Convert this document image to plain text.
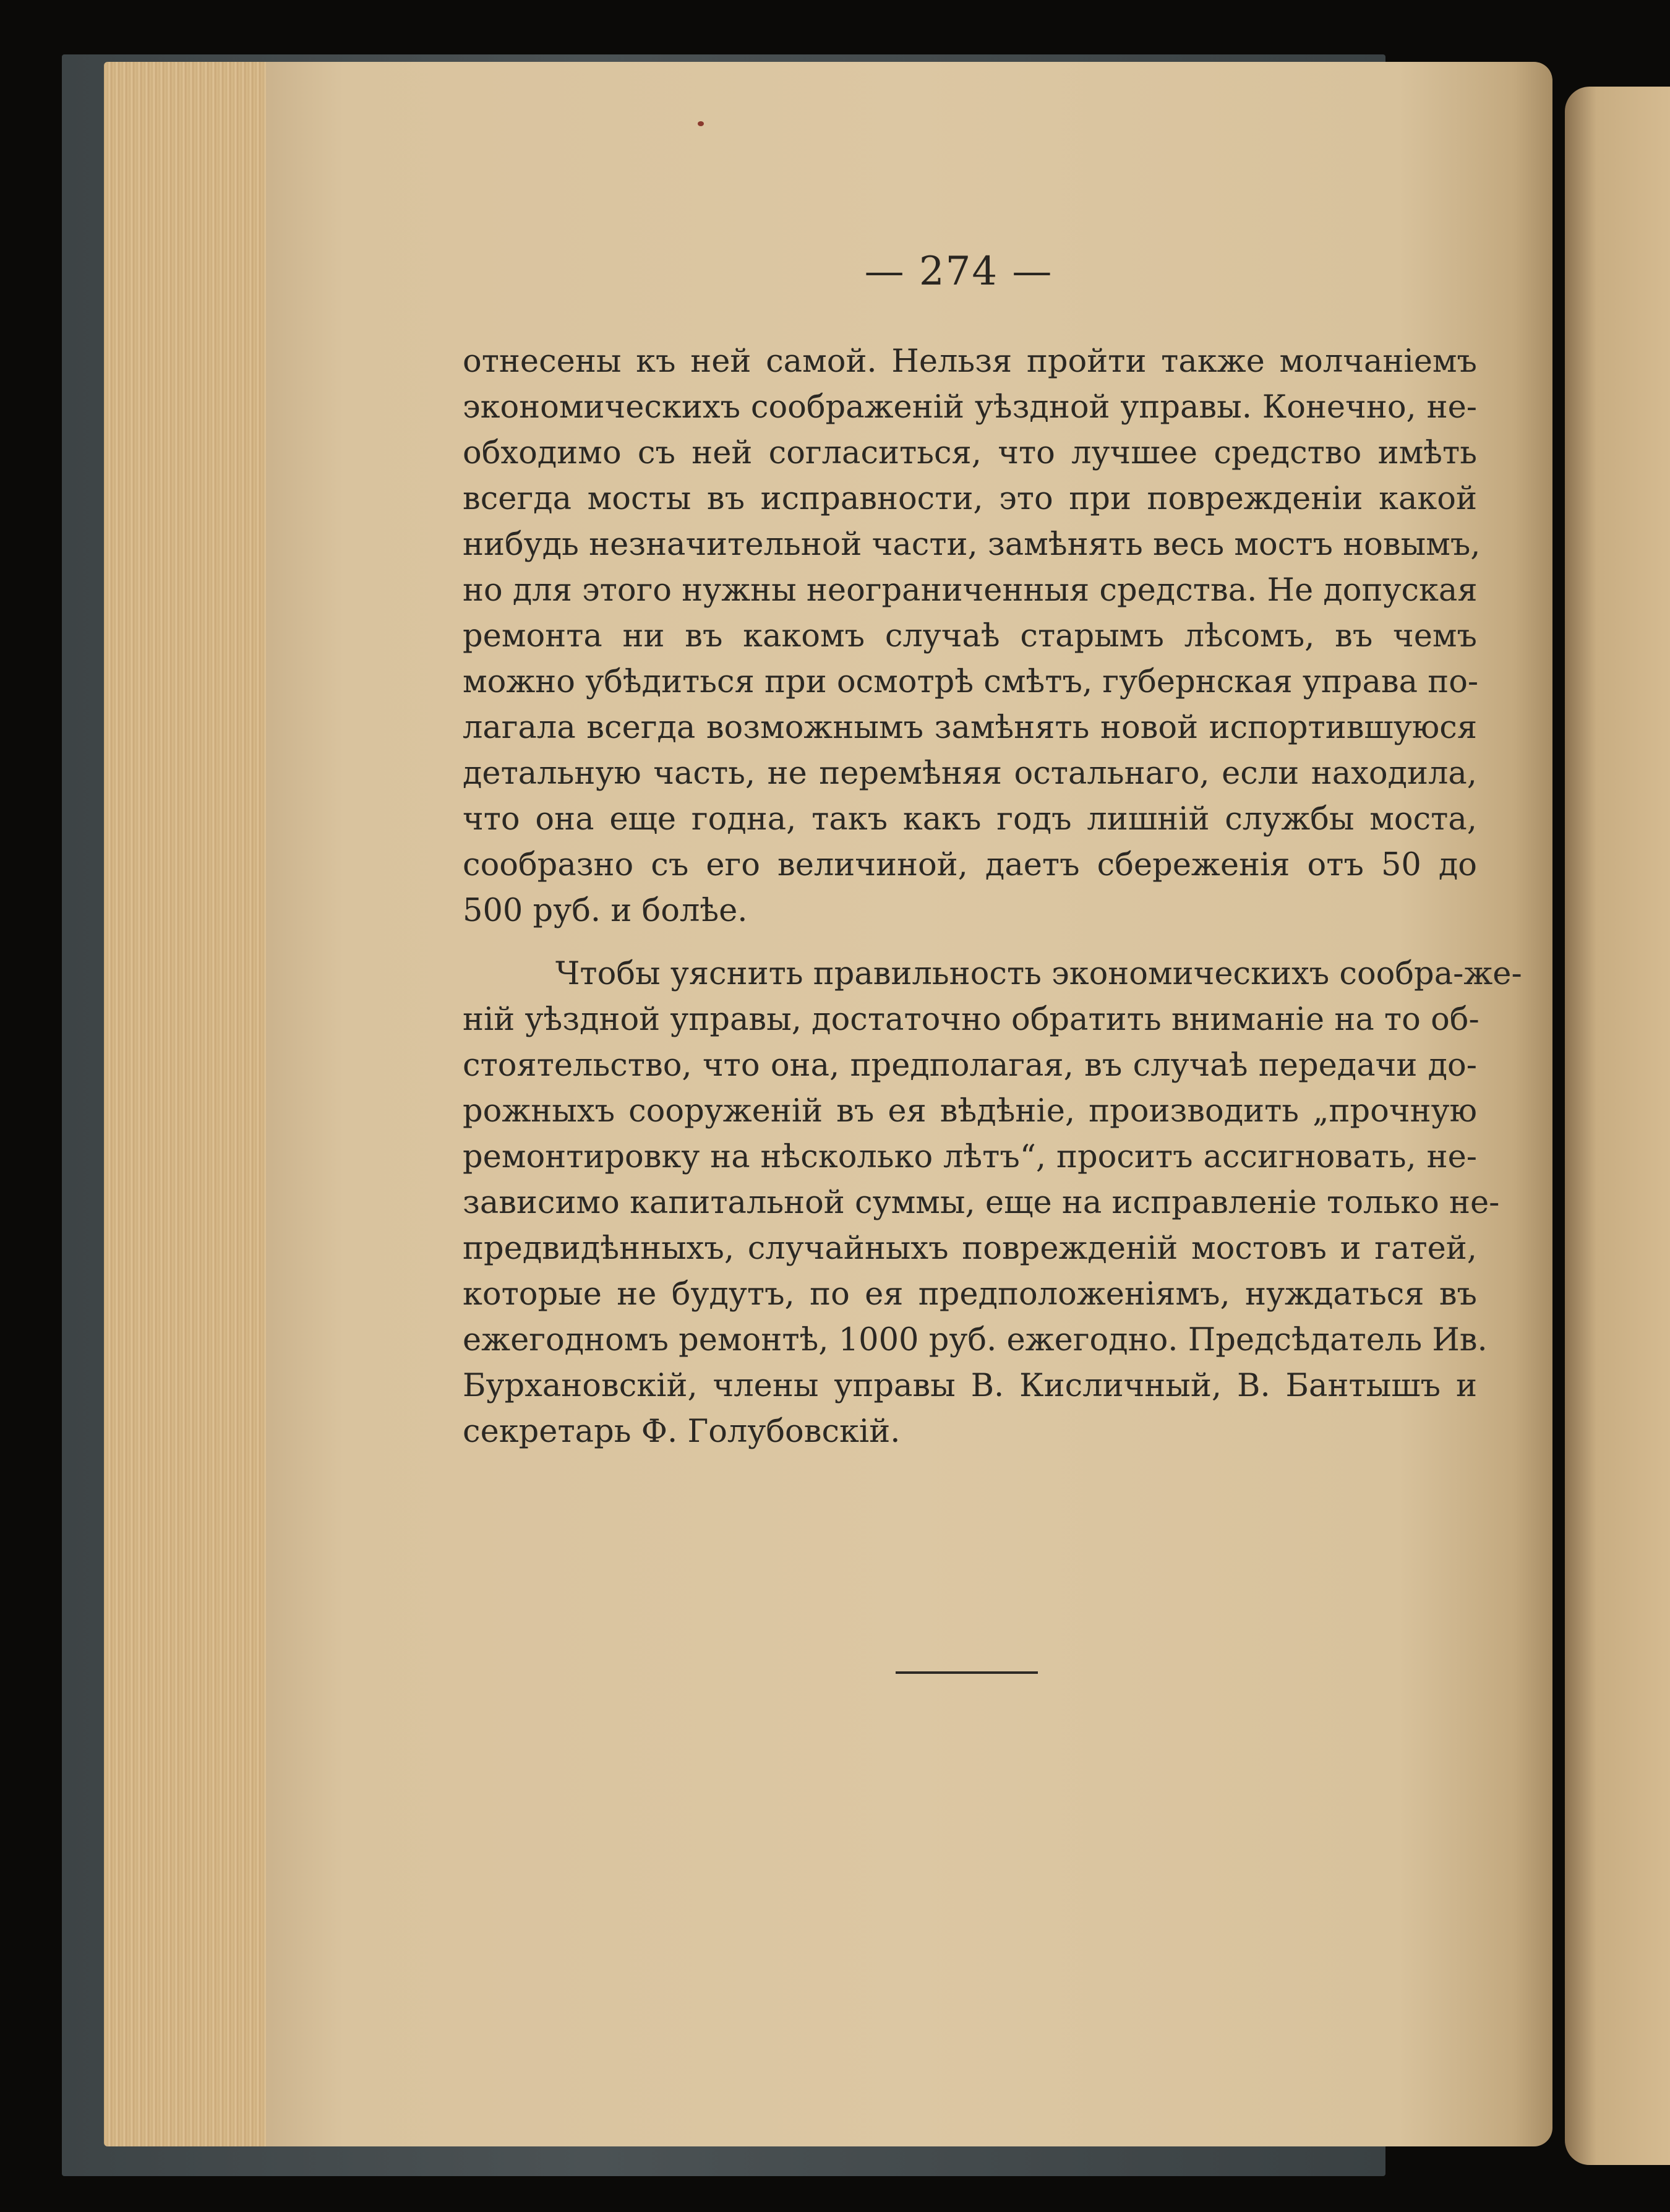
— 274 —
отнесены къ ней самой. Нельзя пройти также молчаніемъ
экономическихъ соображеній уѣздной управы. Конечно, не-
обходимо съ ней согласиться, что лучшее средство имѣть
всегда мосты въ исправности, это при поврежденіи какой
нибудь незначительной части, замѣнять весь мостъ новымъ,
но для этого нужны неограниченныя средства. Не допуская
ремонта ни въ какомъ случаѣ старымъ лѣсомъ, въ чемъ
можно убѣдиться при осмотрѣ смѣтъ, губернская управа по-
лагала всегда возможнымъ замѣнять новой испортившуюся
детальную часть, не перемѣняя остальнаго, если находила,
что она еще годна, такъ какъ годъ лишній службы моста,
сообразно съ его величиной, даетъ сбереженія отъ 50 до
500 руб. и болѣе.
Чтобы уяснить правильность экономическихъ сообра-же-
ній уѣздной управы, достаточно обратить вниманіе на то об-
стоятельство, что она, предполагая, въ случаѣ передачи до-
рожныхъ сооруженій въ ея вѣдѣніе, производить „прочную
ремонтировку на нѣсколько лѣтъ“, проситъ ассигновать, не-
зависимо капитальной суммы, еще на исправленіе только не-
предвидѣнныхъ, случайныхъ поврежденій мостовъ и гатей,
которые не будутъ, по ея предположеніямъ, нуждаться въ
ежегодномъ ремонтѣ, 1000 руб. ежегодно. Предсѣдатель Ив.
Бурхановскій, члены управы В. Кисличный, В. Бантышъ и
секретарь Ф. Голубовскій.
